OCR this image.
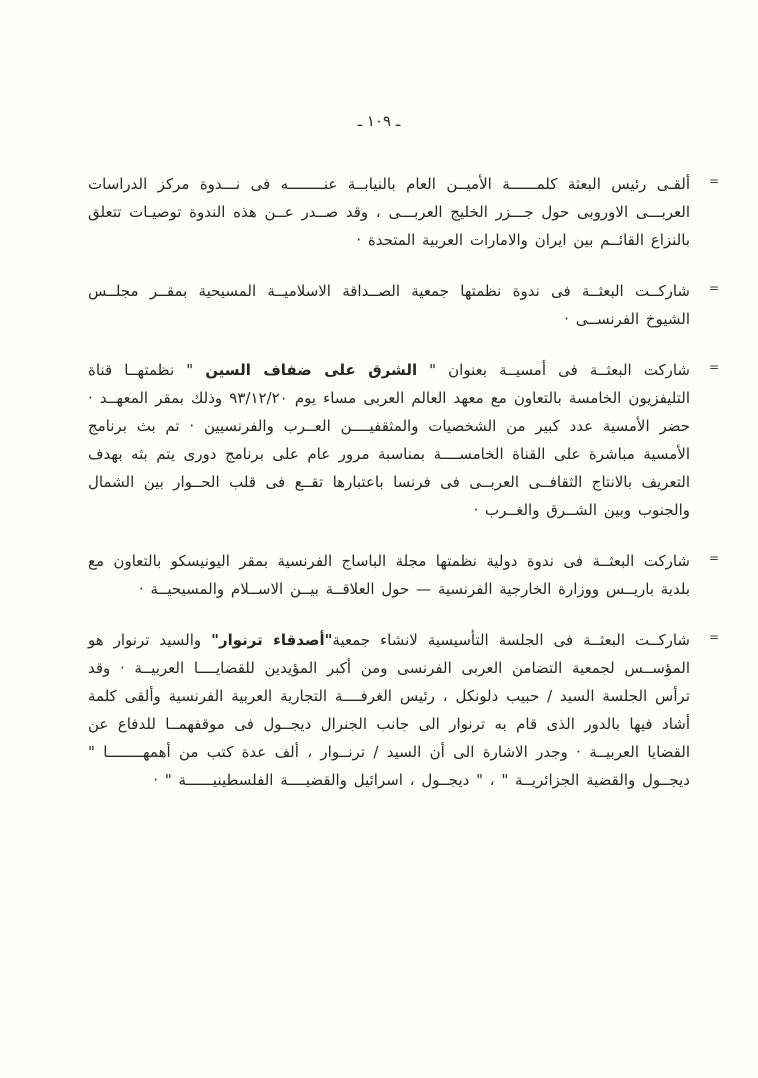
ـ ١٠٩ ـ
=

ألقـى رئيس البعثة كلمــــــة الأميــن العام بالنيابــة عنــــــــه فى نـــدوة مركز الدراسات العربـــى الاوروبى حول جـــزر الخليج العربـــى ، وقد صــدر عــن هذه الندوة توصيـات تتعلق بالنزاع القائــم بين ايران والامارات العربية المتحدة ·

=

شاركــت البعثــة فى ندوة نظمتها جمعية الصــداقة الاسلاميــة المسيحية بمقــر مجلــس الشيوخ الفرنســى ·

=

شاركت البعثــة فى أمسيــة بعنوان " الشرق على ضفاف السين " نظمتهــا قناة التليفزيون الخامسة بالتعاون مع معهد العالم العربى مساء يوم ٩٣/١٢/٢٠ وذلك بمقر المعهــد · حضر الأمسية عدد كبير من الشخصيات والمثقفيــــن العــرب والفرنسيين · تم بث برنامج الأمسية مباشرة على القناة الخامســــة بمناسبة مرور عام على برنامج دورى يتم بثه بهدف التعريف بالانتاج الثقافــى العربــى فى فرنسا باعتبارها تقــع فى قلب الحــوار بين الشمال والجنوب وبين الشــرق والغــرب ·

=

شاركت البعثــة فى ندوة دولية نظمتها مجلة الباساج الفرنسية بمقر اليونيسكو بالتعاون مع بلدية باريــس ووزارة الخارجية الفرنسية — حول العلاقــة بيــن الاســلام والمسيحيــة ·

=

شاركــت البعثــة فى الجلسة التأسيسية لانشاء جمعية"أصدقاء ترنوار" والسيد ترنوار هو المؤســس لجمعية التضامن العربى الفرنسى ومن أكبر المؤيدين للقضايــــا العربيــة · وقد ترأس الجلسة السيد / حبيب دلونكل ، رئيس الغرفــــة التجارية العربية الفرنسية وألقى كلمة أشاد فيها بالدور الذى قام به ترنوار الى جانب الجنرال ديجــول فى موقفهمــا للدفاع عن القضايا العربيــة · وجدر الاشارة الى أن السيد / ترنــوار ، ألف عدة كتب من أهمهــــــــا " ديجــول والقضية الجزائريــة " ، " ديجــول ، اسرائيل والقضيــــة الفلسطينيــــــة " ·
